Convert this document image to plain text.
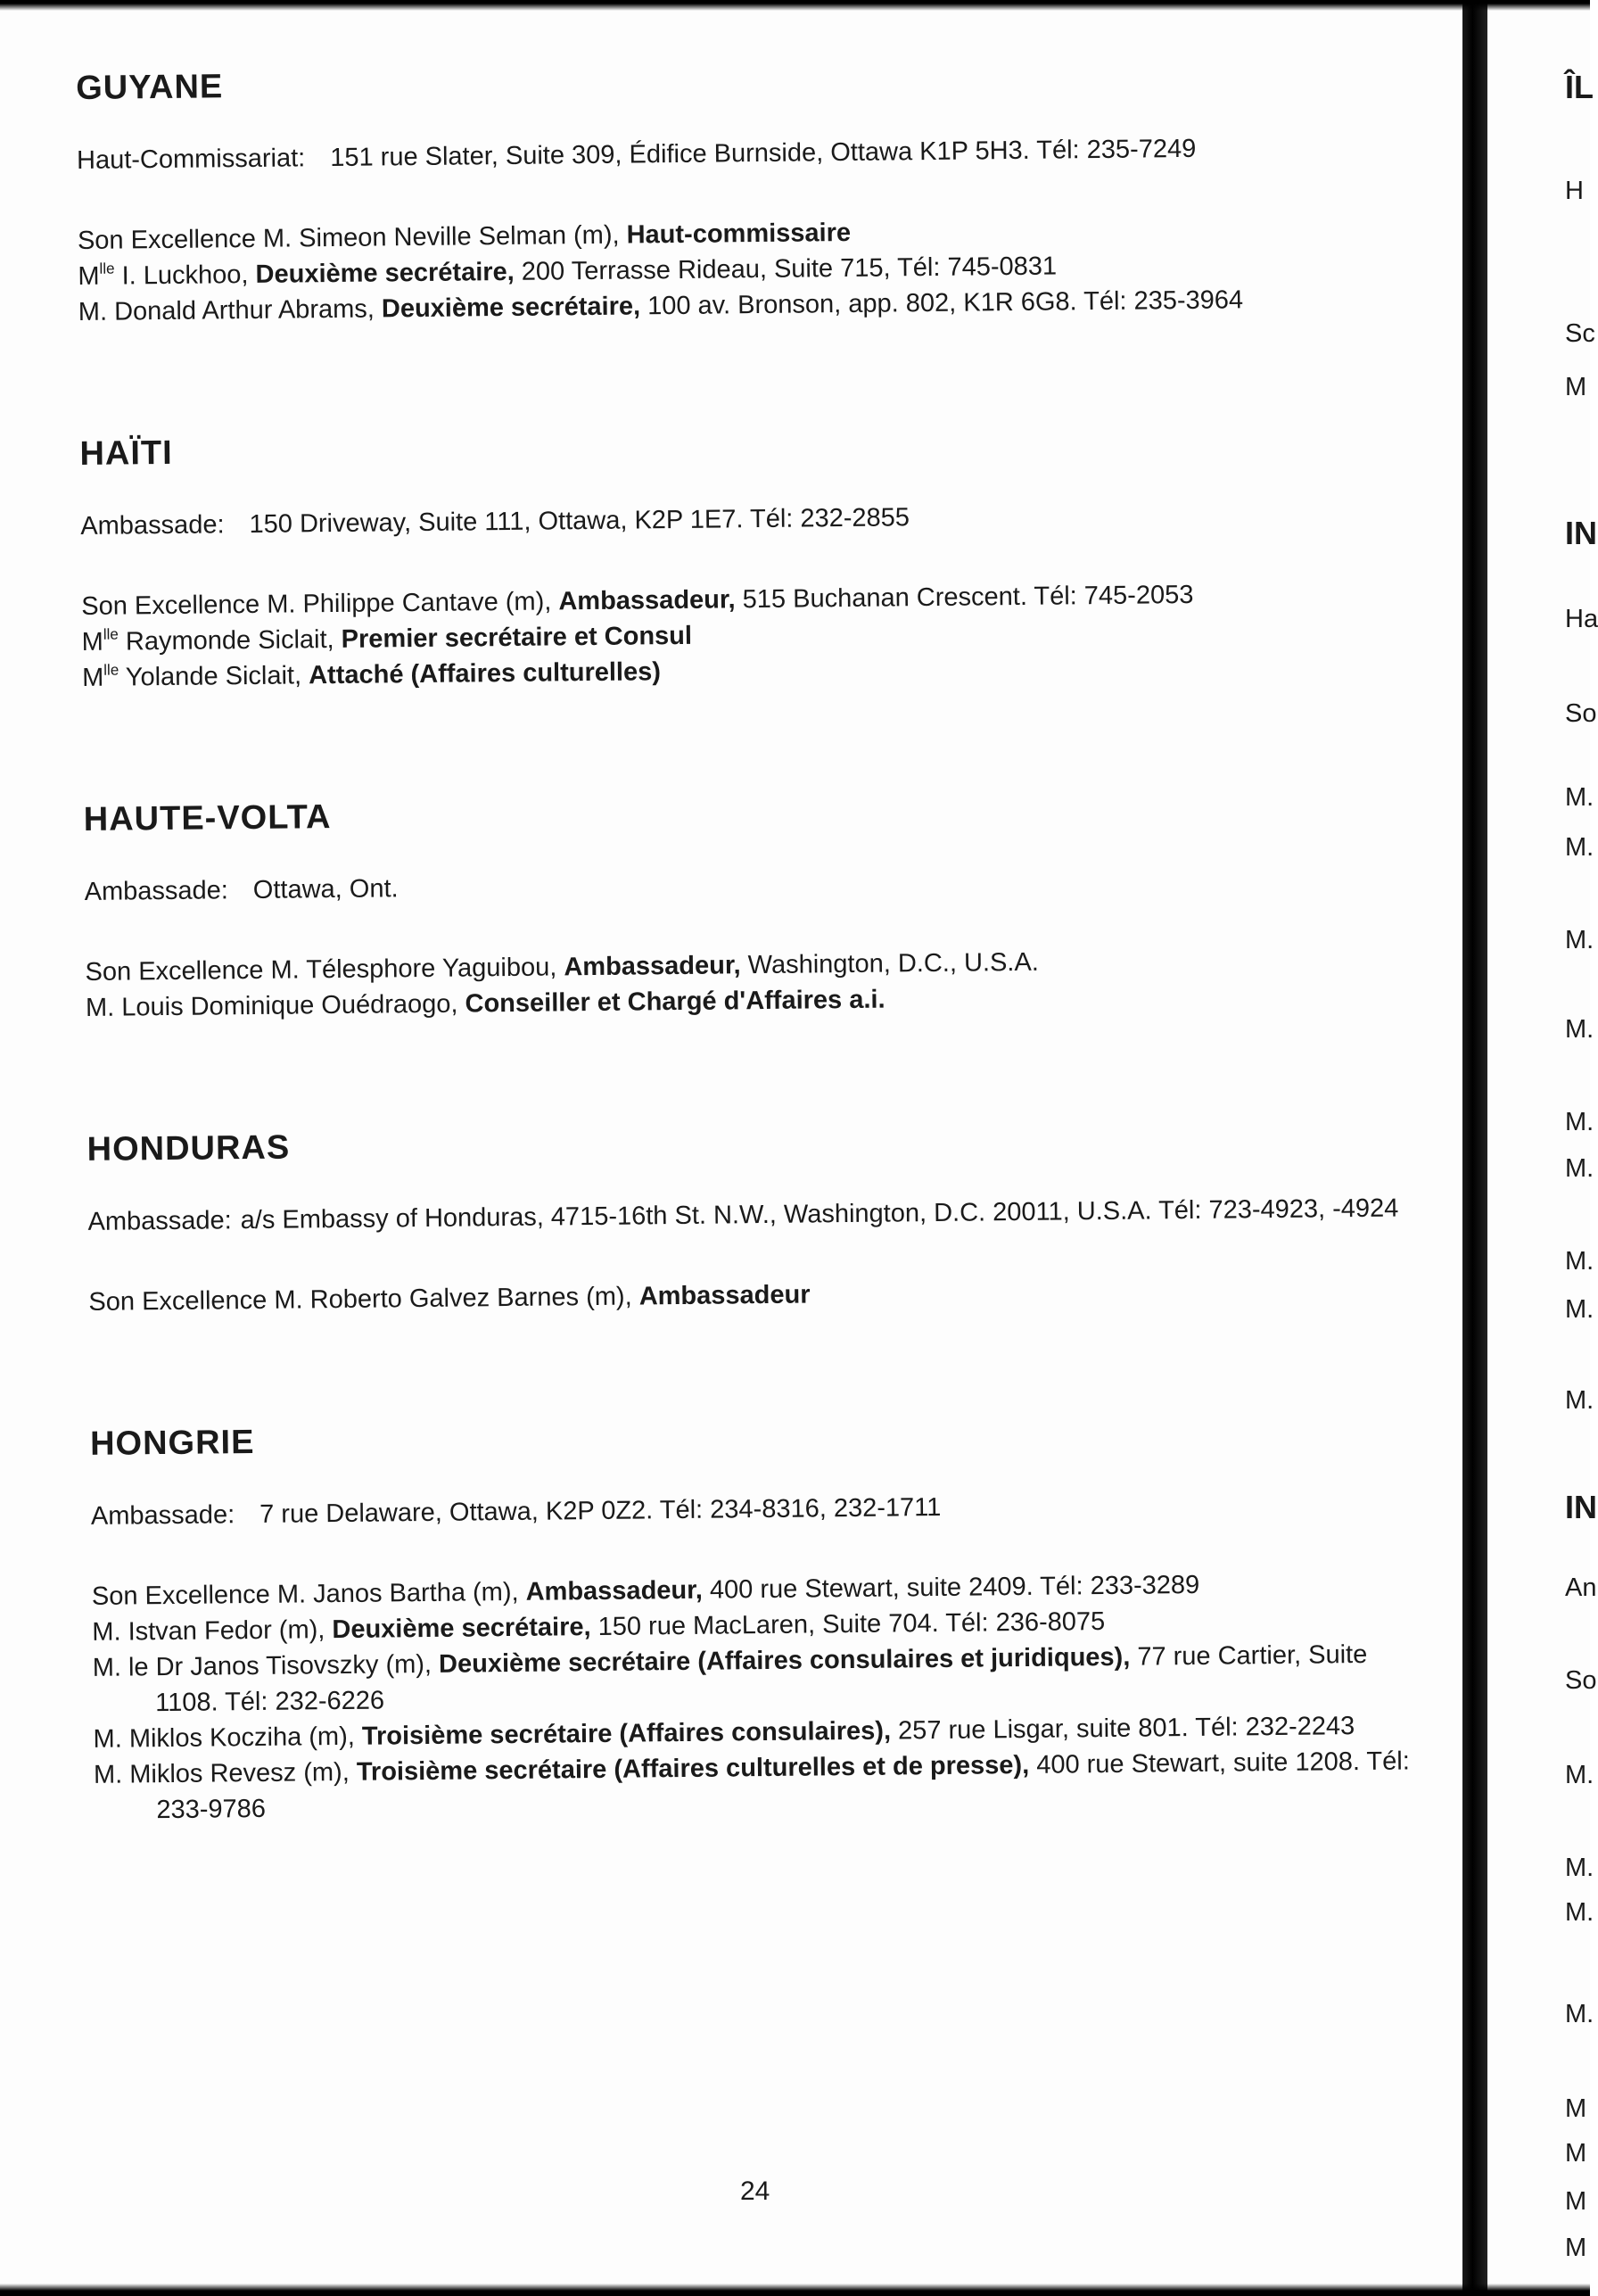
GUYANE
Haut-Commissariat: 151 rue Slater, Suite 309, Édifice Burnside, Ottawa K1P 5H3. Tél: 235-7249
Son Excellence M. Simeon Neville Selman (m), Haut-commissaire
$M^{lle}$ I. Luckhoo, Deuxième secrétaire, 200 Terrasse Rideau, Suite 715, Tél: 745-0831
M. Donald Arthur Abrams, Deuxième secrétaire, 100 av. Bronson, app. 802, K1R 6G8. Tél: 235-3964
HAÏTI
Ambassade: 150 Driveway, Suite 111, Ottawa, K2P 1E7. Tél: 232-2855
Son Excellence M. Philippe Cantave (m), Ambassadeur, 515 Buchanan Crescent. Tél: 745-2053
$M^{lle}$ Raymonde Siclait, Premier secrétaire et Consul
$M^{lle}$ Yolande Siclait, Attaché (Affaires culturelles)
HAUTE-VOLTA
Ambassade: Ottawa, Ont.
Son Excellence M. Télesphore Yaguibou, Ambassadeur, Washington, D.C., U.S.A.
M. Louis Dominique Ouédraogo, Conseiller et Chargé d'Affaires a.i.
HONDURAS
Ambassade: a/s Embassy of Honduras, 4715-16th St. N.W., Washington, D.C. 20011, U.S.A. Tél: 723-4923, -4924
Son Excellence M. Roberto Galvez Barnes (m), Ambassadeur
HONGRIE
Ambassade: 7 rue Delaware, Ottawa, K2P 0Z2. Tél: 234-8316, 232-1711
Son Excellence M. Janos Bartha (m), Ambassadeur, 400 rue Stewart, suite 2409. Tél: 233-3289
M. Istvan Fedor (m), Deuxième secrétaire, 150 rue MacLaren, Suite 704. Tél: 236-8075
M. le Dr Janos Tisovszky (m), Deuxième secrétaire (Affaires consulaires et juridiques), 77 rue Cartier, Suite 1108. Tél: 232-6226
M. Miklos Kocziha (m), Troisième secrétaire (Affaires consulaires), 257 rue Lisgar, suite 801. Tél: 232-2243
M. Miklos Revesz (m), Troisième secrétaire (Affaires culturelles et de presse), 400 rue Stewart, suite 1208. Tél: 233-9786
24
ÎL
H
Sc
M
IN
Ha
So
M.
M.
M.
M.
M.
M.
M.
M.
M.
IN
An
So
M.
M.
M.
M.
M
M
M
M
